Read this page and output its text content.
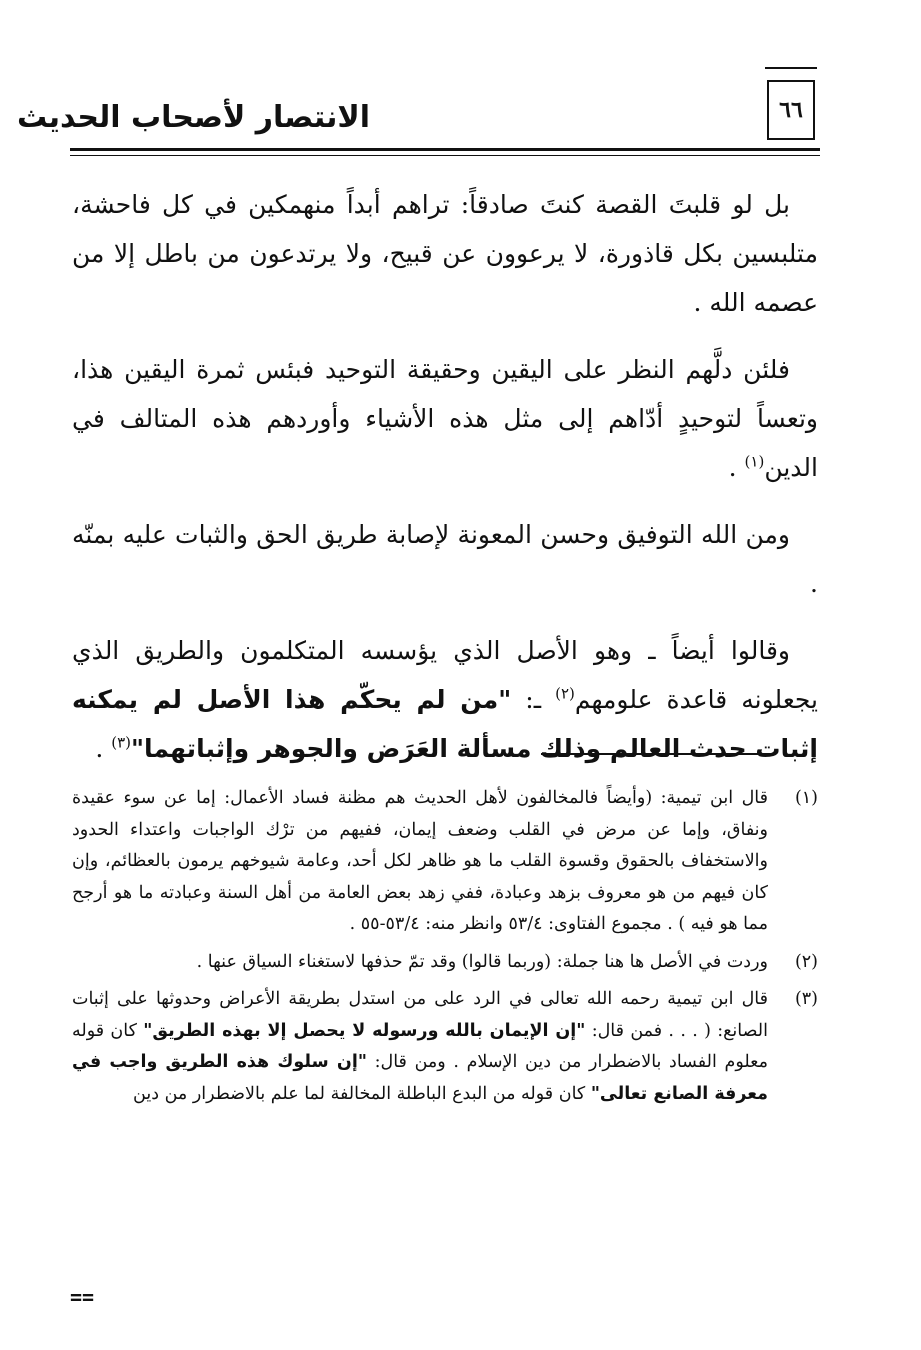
٦٦
الانتصار لأصحاب الحديث

بل لو قلبتَ القصة كنتَ صادقاً: تراهم أبداً منهمكين في كل فاحشة، متلبسين بكل قاذورة، لا يرعوون عن قبيح، ولا يرتدعون من باطل إلا من عصمه الله .

فلئن دلَّهم النظر على اليقين وحقيقة التوحيد فبئس ثمرة اليقين هذا، وتعساً لتوحيدٍ أدّاهم إلى مثل هذه الأشياء وأوردهم هذه المتالف في الدين$^{(١)}$ .

ومن الله التوفيق وحسن المعونة لإصابة طريق الحق والثبات عليه بمنّه .

وقالوا أيضاً ـ وهو الأصل الذي يؤسسه المتكلمون والطريق الذي يجعلونه قاعدة علومهم$^{(٢)}$ ـ: "من لم يحكّم هذا الأصل لم يمكنه إثبات حدث العالم وذلك مسألة العَرَض والجوهر وإثباتهما"$^{(٣)}$ .

(١)
قال ابن تيمية: (وأيضاً فالمخالفون لأهل الحديث هم مظنة فساد الأعمال: إما عن سوء عقيدة ونفاق، وإما عن مرض في القلب وضعف إيمان، ففيهم من ترْك الواجبات واعتداء الحدود والاستخفاف بالحقوق وقسوة القلب ما هو ظاهر لكل أحد، وعامة شيوخهم يرمون بالعظائم، وإن كان فيهم من هو معروف بزهد وعبادة، ففي زهد بعض العامة من أهل السنة وعبادته ما هو أرجح مما هو فيه ) . مجموع الفتاوى: ٥٣/٤ وانظر منه: ٥٣/٤-٥٥ .
(٢)
وردت في الأصل ها هنا جملة: (وربما قالوا) وقد تمّ حذفها لاستغناء السياق عنها .
(٣)
قال ابن تيمية رحمه الله تعالى في الرد على من استدل بطريقة الأعراض وحدوثها على إثبات الصانع: ( . . . فمن قال: "إن الإيمان بالله ورسوله لا يحصل إلا بهذه الطريق" كان قوله معلوم الفساد بالاضطرار من دين الإسلام . ومن قال: "إن سلوك هذه الطريق واجب في معرفة الصانع تعالى" كان قوله من البدع الباطلة المخالفة لما علم بالاضطرار من دين
==
